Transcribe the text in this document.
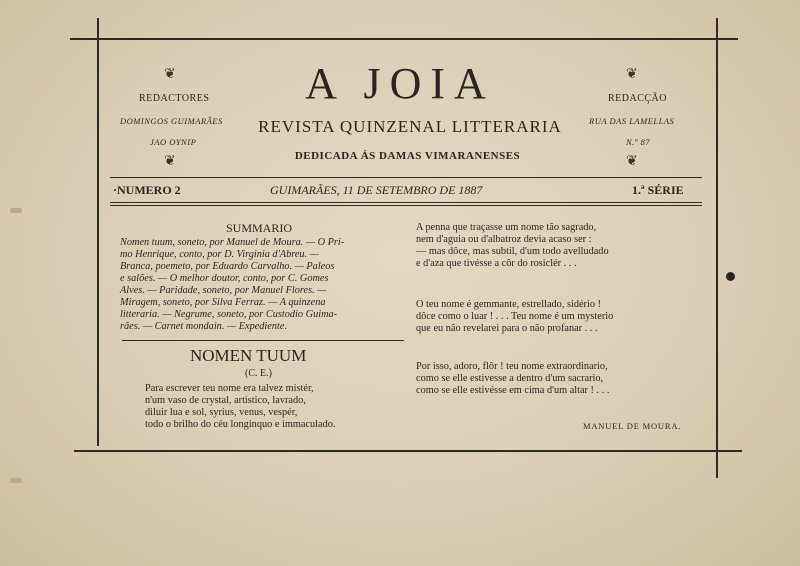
❦
REDACTORES
DOMINGOS GUIMARÃES
JAO OYNIP
❦
❦
REDACÇÃO
RUA DAS LAMELLAS
N.º 87
❦
A JOIA
REVISTA QUINZENAL LITTERARIA
DEDICADA ÁS DAMAS VIMARANENSES
·NUMERO 2	GUIMARÃES, 11 DE SETEMBRO DE 1887	1.ª SÉRIE
SUMMARIO
Nomen tuum, soneto, por Manuel de Moura. — O Pri-
mo Henrique, conto, por D. Virginia d'Abreu. —
Branca, poemeto, por Eduardo Carvalho. — Paleos
e salões. — O melhor doutor, conto, por C. Gomes
Alves. — Paridade, soneto, por Manuel Flores. —
Miragem, soneto, por Silva Ferraz. — A quinzena
litteraria. — Negrume, soneto, por Custodio Guima-
rães. — Carnet mondain. — Expediente.
NOMEN TUUM
(C. E.)
Para escrever teu nome era talvez mistér,
n'um vaso de crystal, artistico, lavrado,
diluir lua e sol, syrius, venus, vespér,
todo o brilho do céu longinquo e immaculado.
A penna que traçasse um nome tão sagrado,
nem d'aguia ou d'albatroz devia acaso ser :
— mas dôce, mas subtil, d'um todo avelludado
e d'aza que tivésse a côr do rosiclér . . .
O teu nome é gemmante, estrellado, sidério !
dôce como o luar ! . . . Teu nome é um mysterio
que eu não revelarei para o não profanar . . .
Por isso, adoro, flôr ! teu nome extraordinario,
como se elle estivesse a dentro d'um sacrario,
como se elle estivésse em cima d'um altar ! . . .
MANUEL DE MOURA.
